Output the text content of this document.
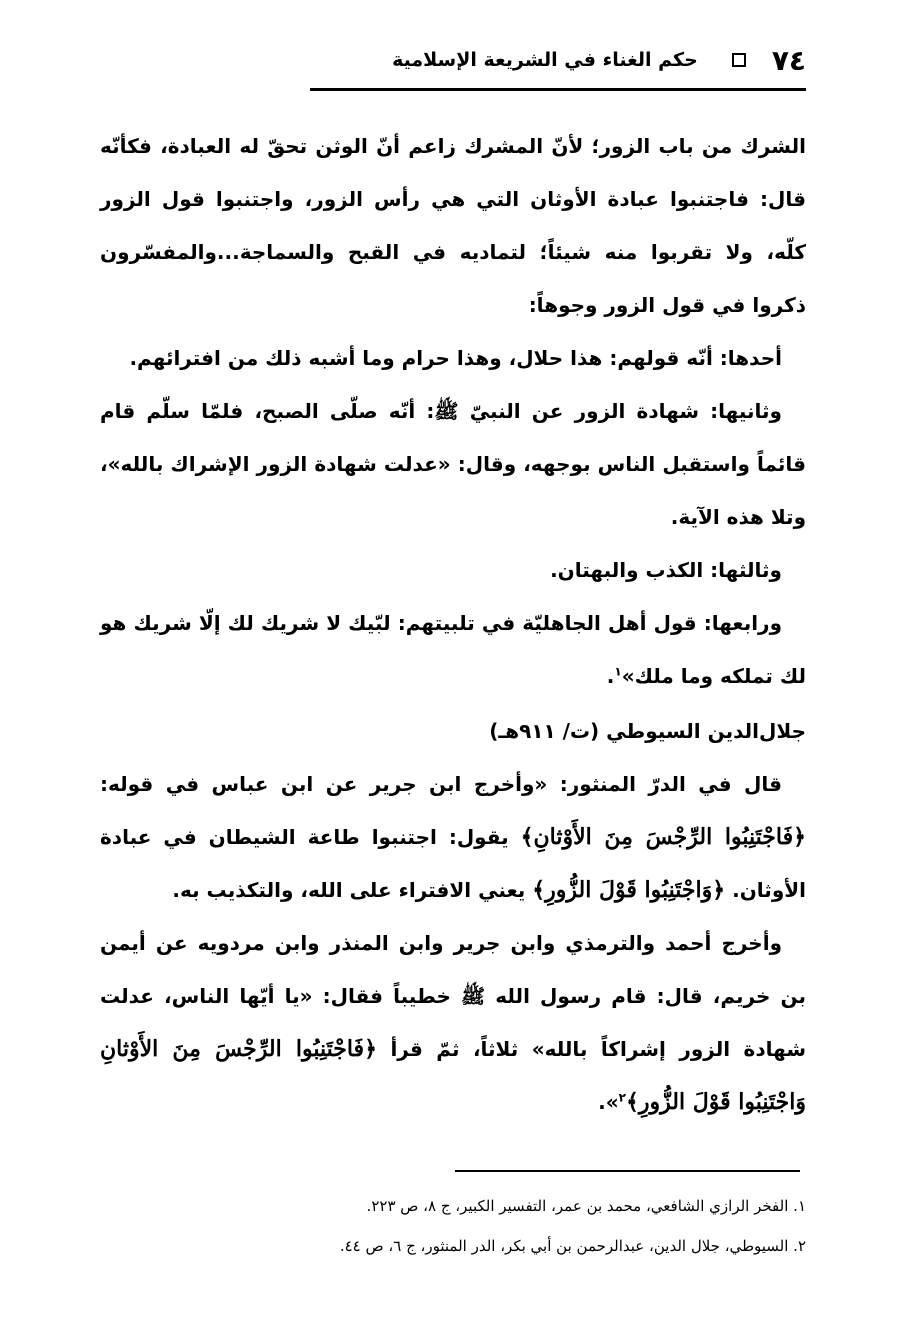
٧٤
حكم الغناء في الشريعة الإسلامية

الشرك من باب الزور؛ لأنّ المشرك زاعم أنّ الوثن تحقّ له العبادة، فكأنّه قال: فاجتنبوا عبادة الأوثان التي هي رأس الزور، واجتنبوا قول الزور كلّه، ولا تقربوا منه شيئاً؛ لتماديه في القبح والسماجة...والمفسّرون ذكروا في قول الزور وجوهاً:

أحدها: أنّه قولهم: هذا حلال، وهذا حرام وما أشبه ذلك من افترائهم.

وثانيها: شهادة الزور عن النبيّ ﷺ: أنّه صلّى الصبح، فلمّا سلّم قام قائماً واستقبل الناس بوجهه، وقال: «عدلت شهادة الزور الإشراك بالله»، وتلا هذه الآية.

وثالثها: الكذب والبهتان.

ورابعها: قول أهل الجاهليّة في تلبيتهم: لبّيك لا شريك لك إلّا شريك هو لك تملكه وما ملك»$^١$.

جلال‌الدين السيوطي (ت/ ٩١١هـ)

قال في الدرّ المنثور: «وأخرج ابن جرير عن ابن عباس في قوله: ﴿فَاجْتَنِبُوا الرِّجْسَ مِنَ الأَوْثانِ﴾ يقول: اجتنبوا طاعة الشيطان في عبادة الأوثان. ﴿وَاجْتَنِبُوا قَوْلَ الزُّورِ﴾ يعني الافتراء على الله، والتكذيب به.

وأخرج أحمد والترمذي وابن جرير وابن المنذر وابن مردويه عن أيمن بن خريم، قال: قام رسول الله ﷺ خطيباً فقال: «يا أيّها الناس، عدلت شهادة الزور إشراكاً بالله» ثلاثاً، ثمّ قرأ ﴿فَاجْتَنِبُوا الرِّجْسَ مِنَ الأَوْثانِ وَاجْتَنِبُوا قَوْلَ الزُّورِ﴾$^٢$».

١. الفخر الرازي الشافعي، محمد بن عمر، التفسير الكبير، ج ٨، ص ٢٢٣.

٢. السيوطي، جلال الدين، عبدالرحمن بن أبي بكر، الدر المنثور، ج ٦، ص ٤٤.
